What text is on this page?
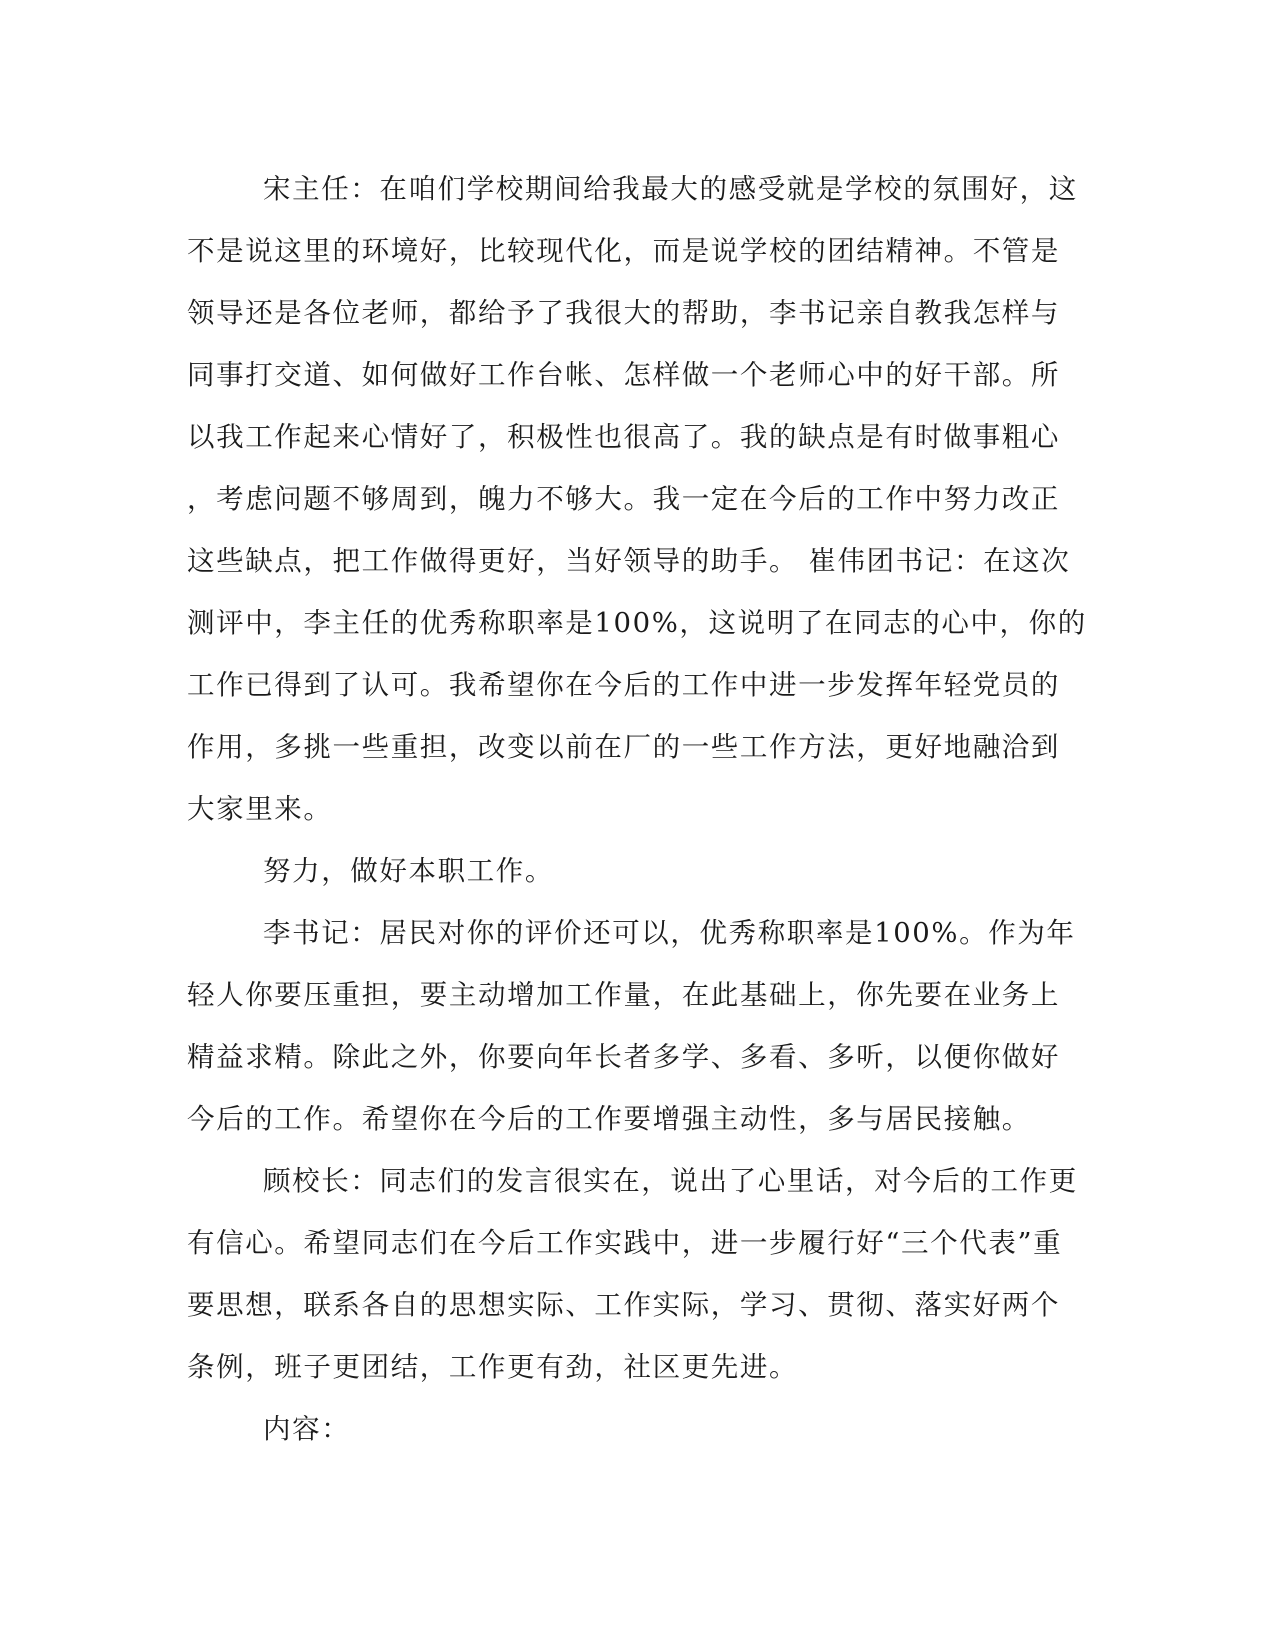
宋主任：在咱们学校期间给我最大的感受就是学校的氛围好，这
不是说这里的环境好，比较现代化，而是说学校的团结精神。不管是
领导还是各位老师，都给予了我很大的帮助，李书记亲自教我怎样与
同事打交道、如何做好工作台帐、怎样做一个老师心中的好干部。所
以我工作起来心情好了，积极性也很高了。我的缺点是有时做事粗心
，考虑问题不够周到，魄力不够大。我一定在今后的工作中努力改正
这些缺点，把工作做得更好，当好领导的助手。 崔伟团书记：在这次
测评中，李主任的优秀称职率是100%，这说明了在同志的心中，你的
工作已得到了认可。我希望你在今后的工作中进一步发挥年轻党员的
作用，多挑一些重担，改变以前在厂的一些工作方法，更好地融洽到
大家里来。
努力，做好本职工作。
李书记：居民对你的评价还可以，优秀称职率是100%。作为年
轻人你要压重担，要主动增加工作量，在此基础上，你先要在业务上
精益求精。除此之外，你要向年长者多学、多看、多听，以便你做好
今后的工作。希望你在今后的工作要增强主动性，多与居民接触。
顾校长：同志们的发言很实在，说出了心里话，对今后的工作更
有信心。希望同志们在今后工作实践中，进一步履行好“三个代表”重
要思想，联系各自的思想实际、工作实际，学习、贯彻、落实好两个
条例，班子更团结，工作更有劲，社区更先进。
内容：
